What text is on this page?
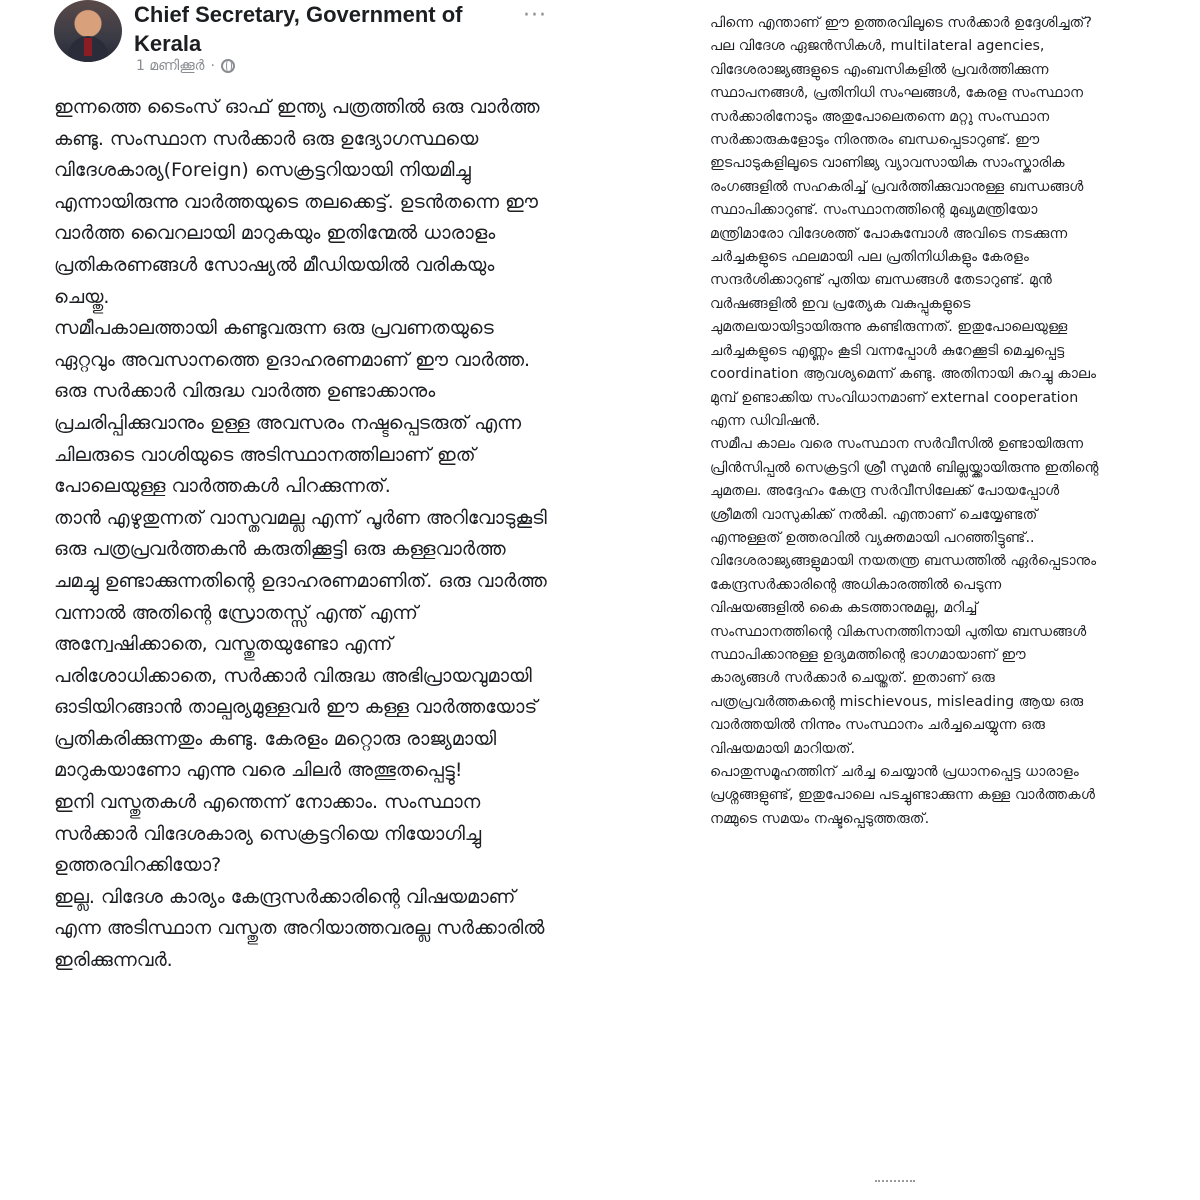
Chief Secretary, Government of Kerala
1 മണിക്കൂർ ·
···

ഇന്നത്തെ ടൈംസ് ഓഫ് ഇന്ത്യ പത്രത്തിൽ ഒരു വാർത്ത കണ്ടു. സംസ്ഥാന സർക്കാർ ഒരു ഉദ്യോഗസ്ഥയെ വിദേശകാര്യ(Foreign) സെക്രട്ടറിയായി നിയമിച്ചു എന്നായിരുന്നു വാർത്തയുടെ തലക്കെട്ട്. ഉടൻതന്നെ ഈ വാർത്ത വൈറലായി മാറുകയും ഇതിന്മേൽ ധാരാളം പ്രതികരണങ്ങൾ സോഷ്യൽ മീഡിയയിൽ വരികയും ചെയ്തു.

സമീപകാലത്തായി കണ്ടുവരുന്ന ഒരു പ്രവണതയുടെ ഏറ്റവും അവസാനത്തെ ഉദാഹരണമാണ് ഈ വാർത്ത. ഒരു സർക്കാർ വിരുദ്ധ വാർത്ത ഉണ്ടാക്കാനും പ്രചരിപ്പിക്കുവാനും ഉള്ള അവസരം നഷ്ടപ്പെടരുത് എന്ന ചിലരുടെ വാശിയുടെ അടിസ്ഥാനത്തിലാണ് ഇത് പോലെയുള്ള വാർത്തകൾ പിറക്കുന്നത്.

താൻ എഴുതുന്നത് വാസ്തവമല്ല എന്ന് പൂർണ അറിവോടുകൂടി ഒരു പത്രപ്രവർത്തകൻ കരുതിക്കൂട്ടി ഒരു കള്ളവാർത്ത ചമച്ചു ഉണ്ടാക്കുന്നതിന്റെ ഉദാഹരണമാണിത്. ഒരു വാർത്ത വന്നാൽ അതിന്റെ സ്രോതസ്സ് എന്ത് എന്ന് അന്വേഷിക്കാതെ, വസ്തുതയുണ്ടോ എന്ന് പരിശോധിക്കാതെ, സർക്കാർ വിരുദ്ധ അഭിപ്രായവുമായി ഓടിയിറങ്ങാൻ താല്പര്യമുള്ളവർ ഈ കള്ള വാർത്തയോട് പ്രതികരിക്കുന്നതും കണ്ടു. കേരളം മറ്റൊരു രാജ്യമായി മാറുകയാണോ എന്നു വരെ ചിലർ അത്ഭുതപ്പെട്ടു!

ഇനി വസ്തുതകൾ എന്തെന്ന് നോക്കാം. സംസ്ഥാന സർക്കാർ വിദേശകാര്യ സെക്രട്ടറിയെ നിയോഗിച്ചു ഉത്തരവിറക്കിയോ?

ഇല്ല. വിദേശ കാര്യം കേന്ദ്രസർക്കാരിന്റെ വിഷയമാണ് എന്ന അടിസ്ഥാന വസ്തുത അറിയാത്തവരല്ല സർക്കാരിൽ ഇരിക്കുന്നവർ.

പിന്നെ എന്താണ് ഈ ഉത്തരവിലൂടെ സർക്കാർ ഉദ്ദേശിച്ചത്?

പല വിദേശ ഏജൻസികൾ, multilateral agencies, വിദേശരാജ്യങ്ങളുടെ എംബസികളിൽ പ്രവർത്തിക്കുന്ന സ്ഥാപനങ്ങൾ, പ്രതിനിധി സംഘങ്ങൾ, കേരള സംസ്ഥാന സർക്കാരിനോടും അതുപോലെതന്നെ മറ്റു സംസ്ഥാന സർക്കാരുകളോടും നിരന്തരം ബന്ധപ്പെടാറുണ്ട്. ഈ ഇടപാടുകളിലൂടെ വാണിജ്യ വ്യാവസായിക സാംസ്കാരിക രംഗങ്ങളിൽ സഹകരിച്ച് പ്രവർത്തിക്കുവാനുള്ള ബന്ധങ്ങൾ സ്ഥാപിക്കാറുണ്ട്. സംസ്ഥാനത്തിന്റെ മുഖ്യമന്ത്രിയോ മന്ത്രിമാരോ വിദേശത്ത് പോകുമ്പോൾ അവിടെ നടക്കുന്ന ചർച്ചകളുടെ ഫലമായി പല പ്രതിനിധികളും കേരളം സന്ദർശിക്കാറുണ്ട് പുതിയ ബന്ധങ്ങൾ തേടാറുണ്ട്. മുൻ വർഷങ്ങളിൽ ഇവ പ്രത്യേക വകുപ്പുകളുടെ ചുമതലയായിട്ടായിരുന്നു കണ്ടിരുന്നത്. ഇതുപോലെയുള്ള ചർച്ചകളുടെ എണ്ണം കൂടി വന്നപ്പോൾ കുറേക്കൂടി മെച്ചപ്പെട്ട coordination ആവശ്യമെന്ന് കണ്ടു. അതിനായി കുറച്ചു കാലം മുമ്പ് ഉണ്ടാക്കിയ സംവിധാനമാണ് external cooperation എന്ന ഡിവിഷൻ.

സമീപ കാലം വരെ സംസ്ഥാന സർവീസിൽ ഉണ്ടായിരുന്ന പ്രിൻസിപ്പൽ സെക്രട്ടറി ശ്രീ സുമൻ ബില്ലയ്ക്കായിരുന്നു ഇതിന്റെ ചുമതല. അദ്ദേഹം കേന്ദ്ര സർവീസിലേക്ക് പോയപ്പോൾ ശ്രീമതി വാസുകിക്ക് നൽകി. എന്താണ് ചെയ്യേണ്ടത് എന്നുള്ളത് ഉത്തരവിൽ വ്യക്തമായി പറഞ്ഞിട്ടുണ്ട്..

വിദേശരാജ്യങ്ങളുമായി നയതന്ത്ര ബന്ധത്തിൽ ഏർപ്പെടാനും കേന്ദ്രസർക്കാരിന്റെ അധികാരത്തിൽ പെടുന്ന വിഷയങ്ങളിൽ കൈ കടത്താനുമല്ല, മറിച്ച് സംസ്ഥാനത്തിന്റെ വികസനത്തിനായി പുതിയ ബന്ധങ്ങൾ സ്ഥാപിക്കാനുള്ള ഉദ്യമത്തിന്റെ ഭാഗമായാണ് ഈ കാര്യങ്ങൾ സർക്കാർ ചെയ്തത്. ഇതാണ് ഒരു പത്രപ്രവർത്തകന്റെ mischievous, misleading ആയ ഒരു വാർത്തയിൽ നിന്നും സംസ്ഥാനം ചർച്ചചെയ്യുന്ന ഒരു വിഷയമായി മാറിയത്.

പൊതുസമൂഹത്തിന് ചർച്ച ചെയ്യാൻ പ്രധാനപ്പെട്ട ധാരാളം പ്രശ്നങ്ങളുണ്ട്, ഇതുപോലെ പടച്ചുണ്ടാക്കുന്ന കള്ള വാർത്തകൾ നമ്മുടെ സമയം നഷ്ടപ്പെടുത്തരുത്.
